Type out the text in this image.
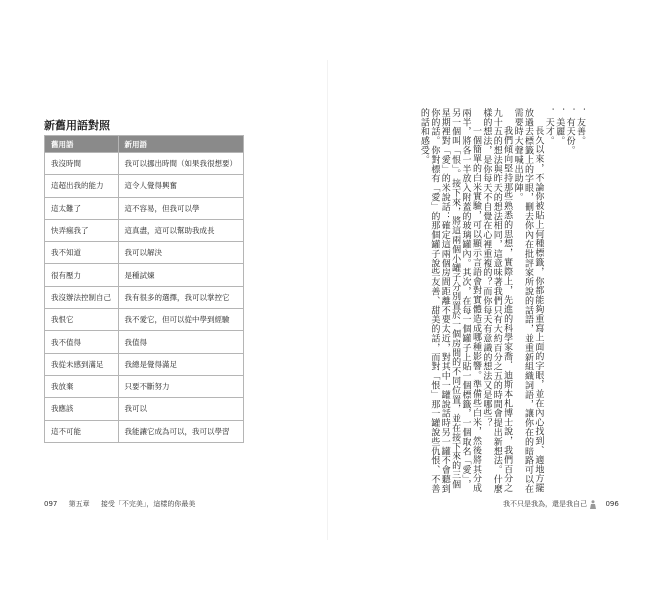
新舊用語對照
舊用語	新用語
我沒時間	我可以挪出時間（如果我很想要）
這超出我的能力	這令人覺得興奮
這太難了	這不容易，但我可以學
快弄瘋我了	這真盡，這可以幫助我成長
我不知道	我可以解決
很有壓力	是種試煉
我沒辦法控制自己	我有很多的選擇，我可以掌控它
我恨它	我不愛它，但可以從中學到經驗
我不值得	我值得
我從未感到滿足	我總是覺得滿足
我放棄	只要不斷努力
我應該	我可以
這不可能	我能讓它成為可以，我可以學習
097 第五章 接受「不完美」，這樣的你最美

．友善。

．有天份。

．美麗。

．天才。

長久以來，不論你被貼上何種標籤，你都能夠重寫上面的字眼，並在內心找到、適地方擺放過去標籤上的字眼，刪去你內在批評家所說的話語，並重新組織詞語，讓你在的暗路可以在需要時大聲喊出助陣。

我們傾向堅持那些熟悉的思想，實際上，先進的科學家喬．迪斯本札博士說，我們百分之九十五的想法與昨天的想法相同，這意味著我們只有大約百分之五的時間會提出新想法。什麼樣的想法，是你每天不自覺在心裡重複的？而你每天有意識的想法又是哪些？

一個簡單的白米實驗，可以顯示言語會對實體造成哪種影響。準備些白米，然後將其分成兩半，將各一半放入附蓋的玻璃罐內。其次，在每一個罐子上貼一個標籤，一個取名「愛」，另一個叫「恨」。接下來，將這兩個小罐子分別置於一個房間的不同位置，並在接下來的三個星期裡對「愛」的米說話：確定這兩個房間距離不要太近，對其中一罐說話時另一罐不會聽到你的話。你對標有「愛」的那個罐子說些友善、甜美的話，而對「恨」那一罐說些仇恨、不善的話和感受。

我不只是我為，還是我自己	096
